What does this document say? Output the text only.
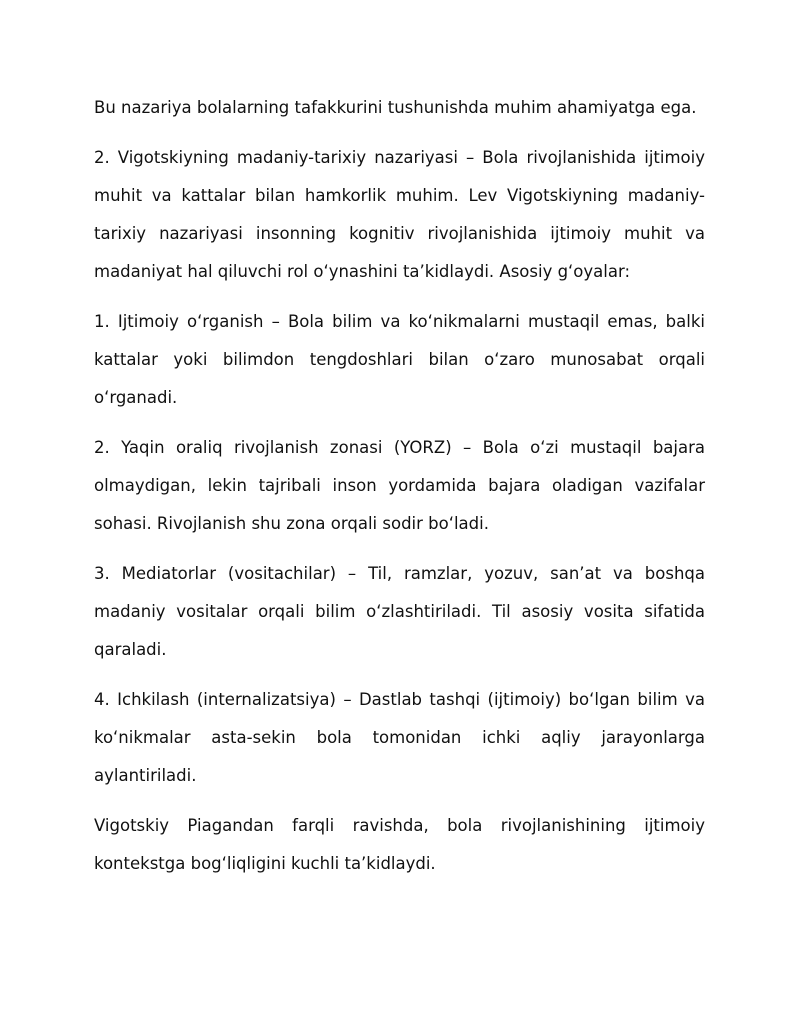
Bu nazariya bolalarning tafakkurini tushunishda muhim ahamiyatga ega.

2. Vigotskiyning madaniy-tarixiy nazariyasi – Bola rivojlanishida ijtimoiy muhit va kattalar bilan hamkorlik muhim. Lev Vigotskiyning madaniy-tarixiy nazariyasi insonning kognitiv rivojlanishida ijtimoiy muhit va madaniyat hal qiluvchi rol oʻynashini ta’kidlaydi. Asosiy gʻoyalar:

1. Ijtimoiy oʻrganish – Bola bilim va koʻnikmalarni mustaqil emas, balki kattalar yoki bilimdon tengdoshlari bilan oʻzaro munosabat orqali oʻrganadi.

2. Yaqin oraliq rivojlanish zonasi (YORZ) – Bola oʻzi mustaqil bajara olmaydigan, lekin tajribali inson yordamida bajara oladigan vazifalar sohasi. Rivojlanish shu zona orqali sodir boʻladi.

3. Mediatorlar (vositachilar) – Til, ramzlar, yozuv, san’at va boshqa madaniy vositalar orqali bilim oʻzlashtiriladi. Til asosiy vosita sifatida qaraladi.

4. Ichkilash (internalizatsiya) – Dastlab tashqi (ijtimoiy) boʻlgan bilim va koʻnikmalar asta-sekin bola tomonidan ichki aqliy jarayonlarga aylantiriladi.

Vigotskiy Piagandan farqli ravishda, bola rivojlanishining ijtimoiy kontekstga bogʻliqligini kuchli ta’kidlaydi.
